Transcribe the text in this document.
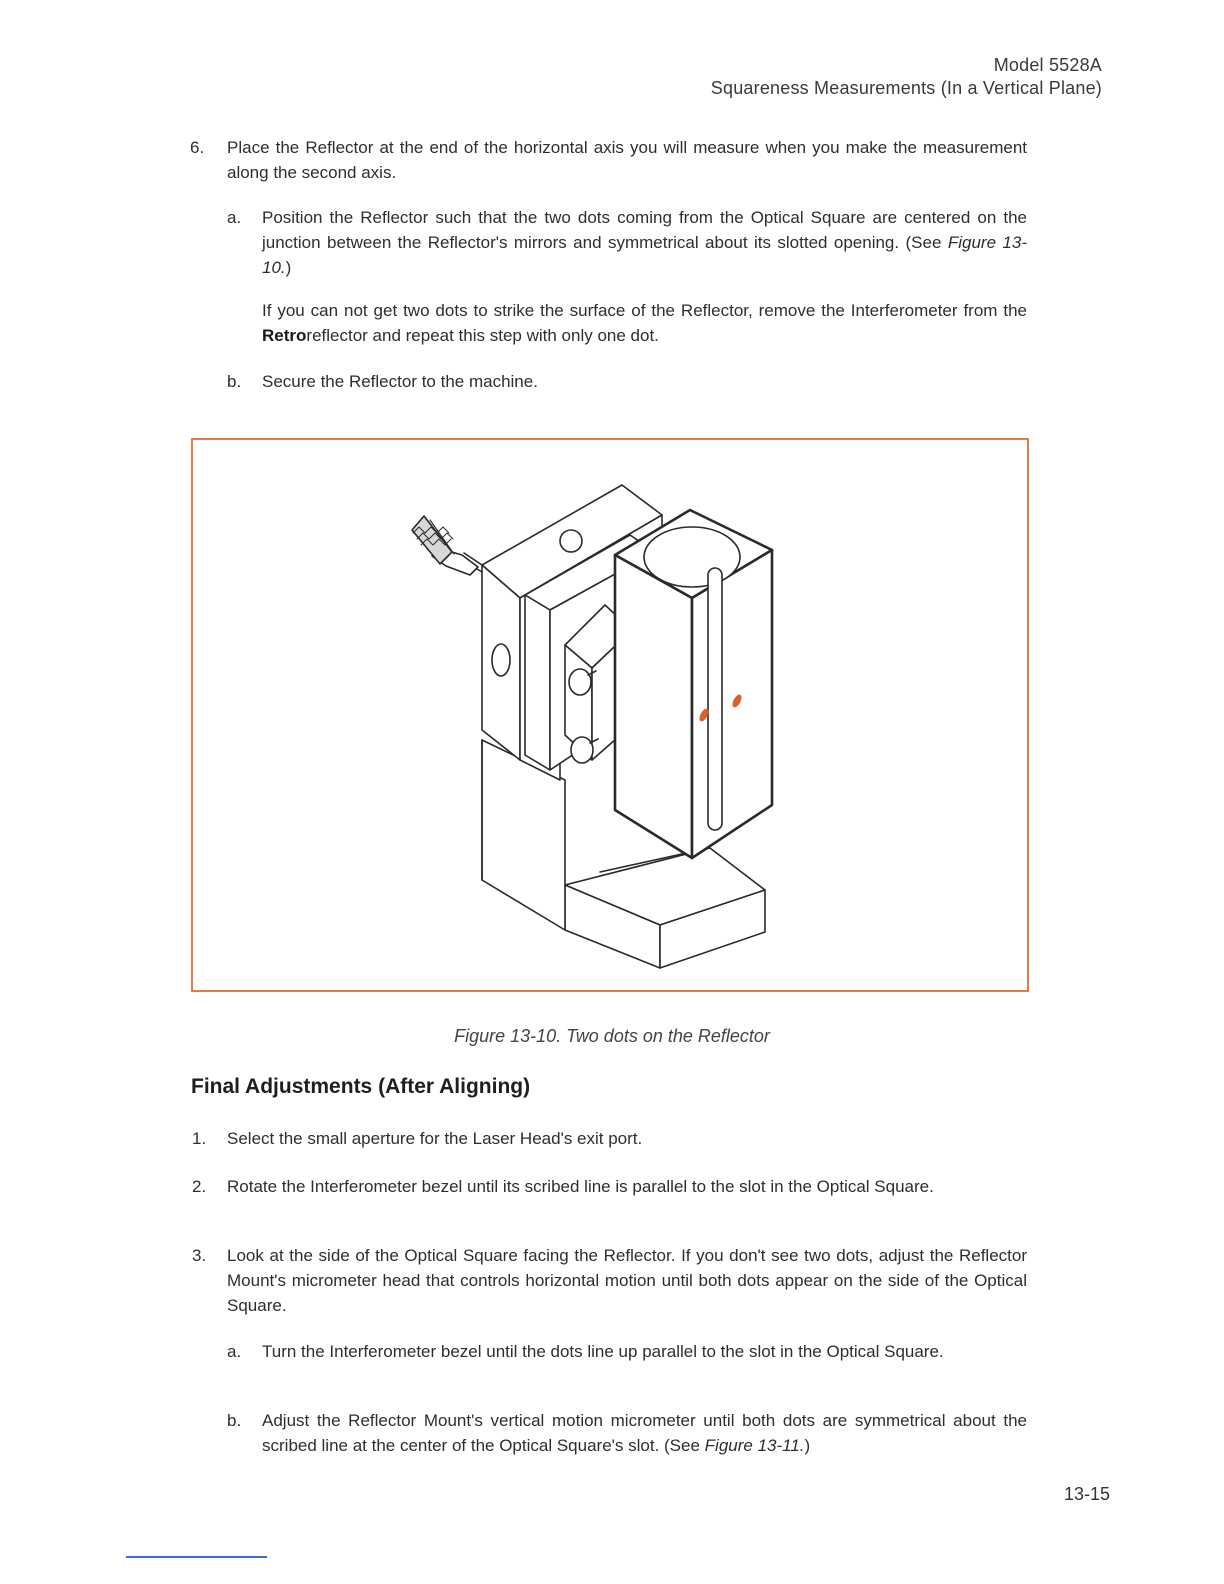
Model 5528A
Squareness Measurements (In a Vertical Plane)
6. Place the Reflector at the end of the horizontal axis you will measure when you make the measurement along the second axis.
a. Position the Reflector such that the two dots coming from the Optical Square are centered on the junction between the Reflector's mirrors and symmetrical about its slotted opening. (See Figure 13-10.)
If you can not get two dots to strike the surface of the Reflector, remove the Interferometer from the Retroreflector and repeat this step with only one dot.
b. Secure the Reflector to the machine.
Figure 13-10. Two dots on the Reflector
Final Adjustments (After Aligning)
1. Select the small aperture for the Laser Head's exit port.
2. Rotate the Interferometer bezel until its scribed line is parallel to the slot in the Optical Square.
3. Look at the side of the Optical Square facing the Reflector. If you don't see two dots, adjust the Reflector Mount's micrometer head that controls horizontal motion until both dots appear on the side of the Optical Square.
a. Turn the Interferometer bezel until the dots line up parallel to the slot in the Optical Square.
b. Adjust the Reflector Mount's vertical motion micrometer until both dots are symmetrical about the scribed line at the center of the Optical Square's slot. (See Figure 13-11.)
13-15
